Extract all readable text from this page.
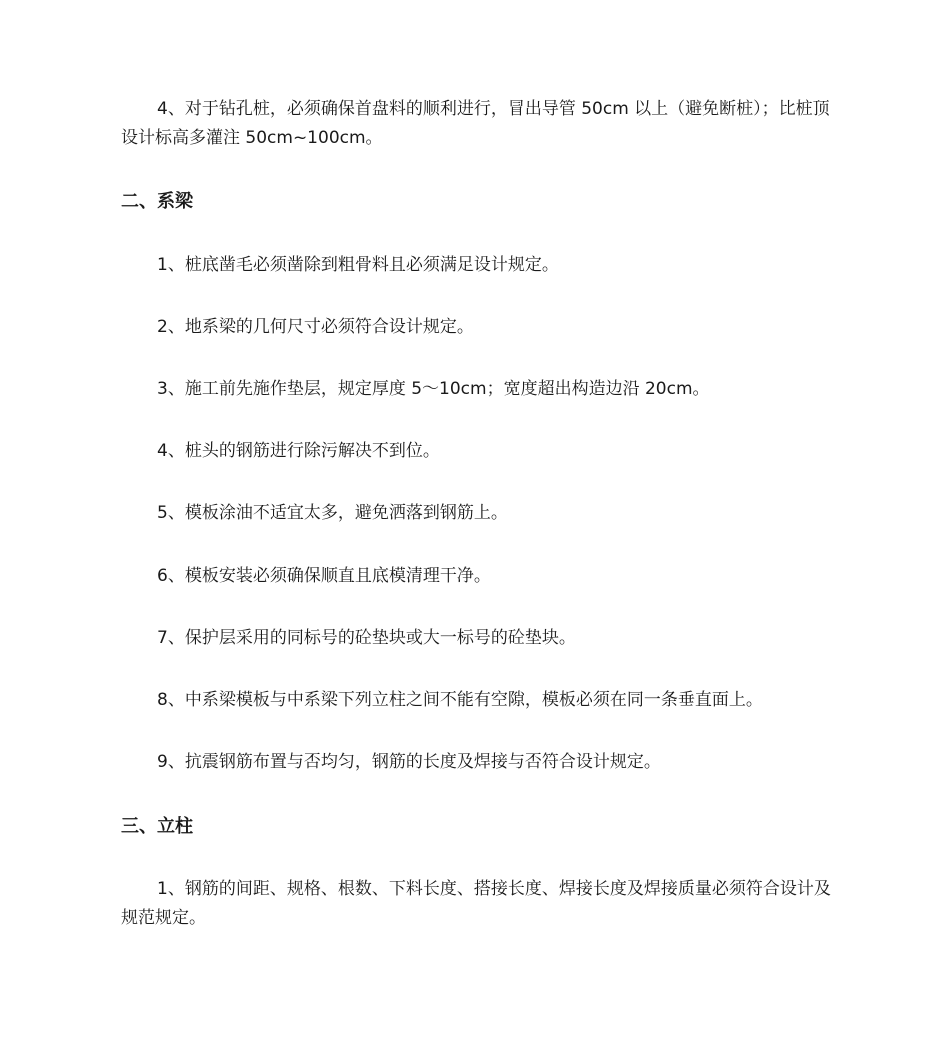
4、对于钻孔桩，必须确保首盘料的顺利进行，冒出导管 50cm 以上（避免断桩）；比桩顶设计标高多灌注 50cm~100cm。
二、系梁
1、桩底凿毛必须凿除到粗骨料且必须满足设计规定。
2、地系梁的几何尺寸必须符合设计规定。
3、施工前先施作垫层，规定厚度 5～10cm；宽度超出构造边沿 20cm。
4、桩头的钢筋进行除污解决不到位。
5、模板涂油不适宜太多，避免洒落到钢筋上。
6、模板安装必须确保顺直且底模清理干净。
7、保护层采用的同标号的砼垫块或大一标号的砼垫块。
8、中系梁模板与中系梁下列立柱之间不能有空隙，模板必须在同一条垂直面上。
9、抗震钢筋布置与否均匀，钢筋的长度及焊接与否符合设计规定。
三、立柱
1、钢筋的间距、规格、根数、下料长度、搭接长度、焊接长度及焊接质量必须符合设计及规范规定。
